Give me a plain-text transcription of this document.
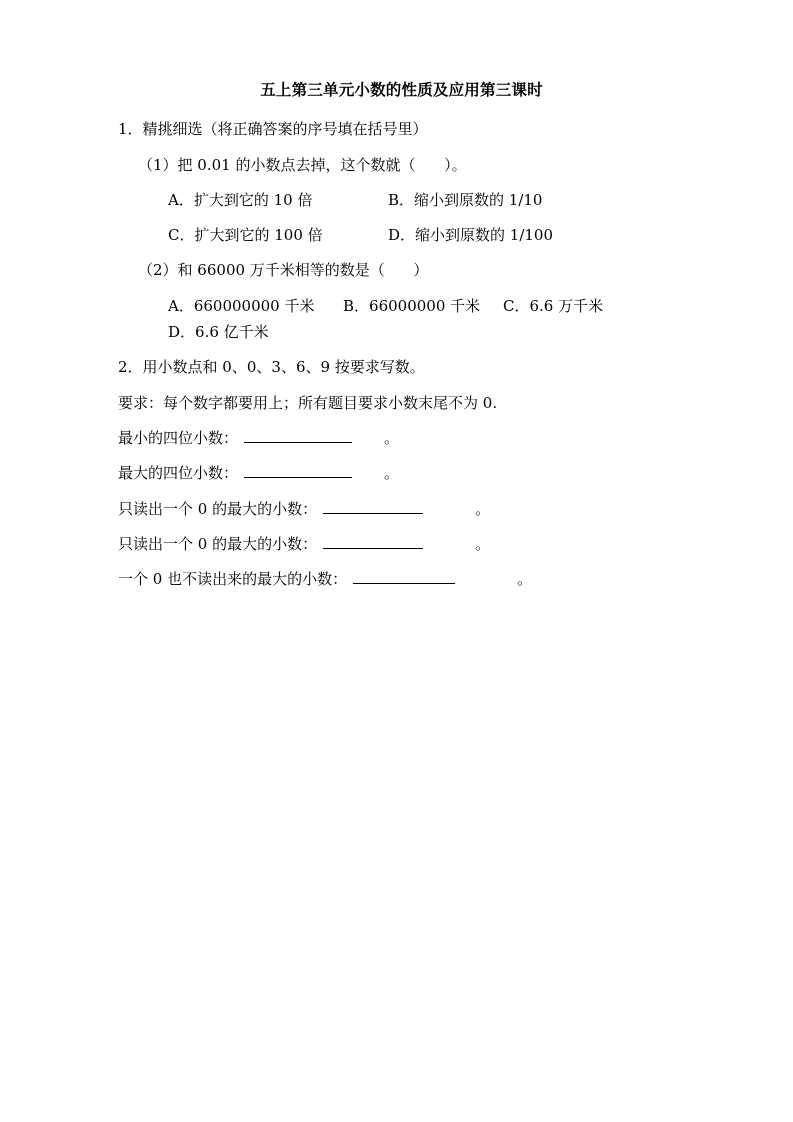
五上第三单元小数的性质及应用第三课时
1．精挑细选（将正确答案的序号填在括号里）
（1）把 0.01 的小数点去掉，这个数就（      ）。
A．扩大到它的 10 倍	B．缩小到原数的 1/10
C．扩大到它的 100 倍	D．缩小到原数的 1/100
（2）和 66000 万千米相等的数是（      ）
A．660000000 千米	B．66000000 千米	C．6.6 万千米
D．6.6 亿千米
2．用小数点和 0、0、3、6、9 按要求写数。
要求：每个数字都要用上；所有题目要求小数末尾不为 0.
最小的四位小数：	。
最大的四位小数：	。
只读出一个 0 的最大的小数：	。
只读出一个 0 的最大的小数：	。
一个 0 也不读出来的最大的小数：	。
